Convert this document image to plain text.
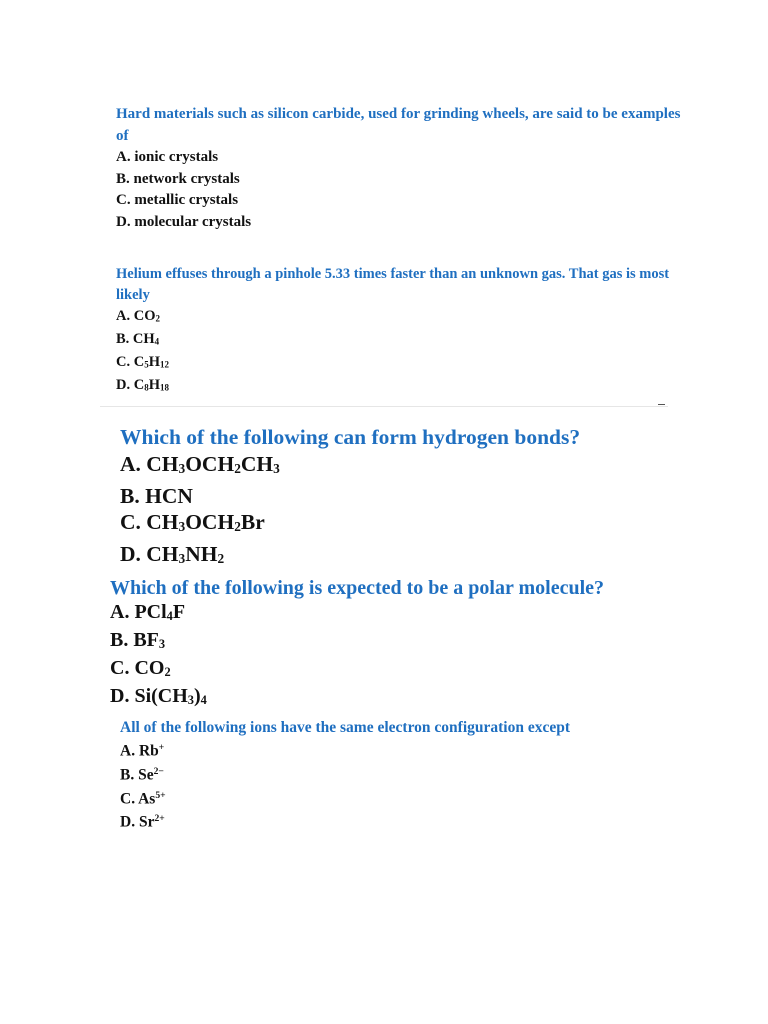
Hard materials such as silicon carbide, used for grinding wheels, are said to be examples of

A. ionic crystals

B. network crystals

C. metallic crystals

D. molecular crystals

Helium effuses through a pinhole 5.33 times faster than an unknown gas. That gas is most likely

A. $CO_2$

B. $CH_4$

C. $C_5H_{12}$

D. $C_8H_{18}$

Which of the following can form hydrogen bonds?

A. $CH_3OCH_2CH_3$

B. HCN

C. $CH_3OCH_2Br$

D. $CH_3NH_2$

Which of the following is expected to be a polar molecule?

A. PCl$_4$F

B. $BF_3$

C. $CO_2$

D. $Si(CH_3)_4$

All of the following ions have the same electron configuration except

A. Rb+

B. $Se^{2-}$

C. $As^{5+}$

D. $Sr^{2+}$
